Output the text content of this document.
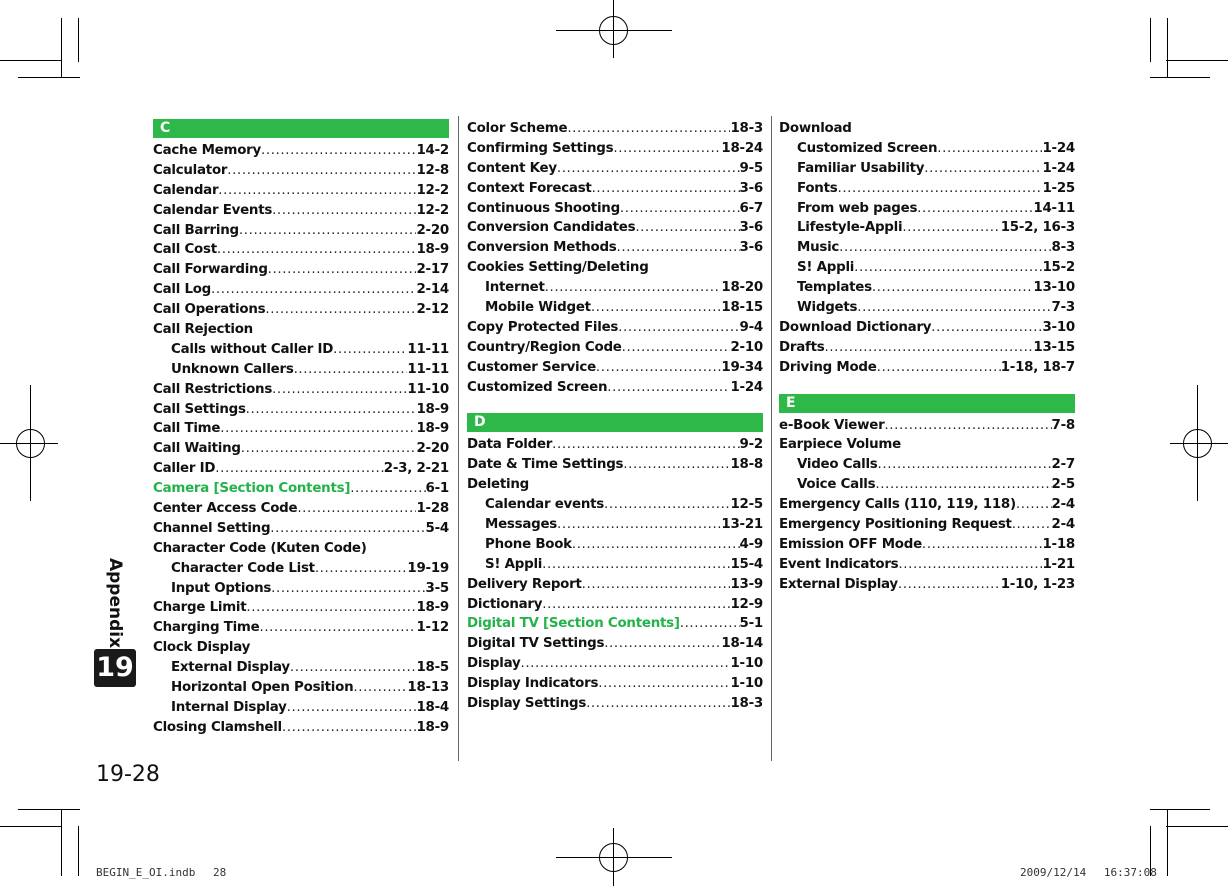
C
Cache Memory .....	14-2
Calculator .....	12-8
Calendar .....	12-2
Calendar Events .....	12-2
Call Barring .....	2-20
Call Cost .....	18-9
Call Forwarding .....	2-17
Call Log .....	2-14
Call Operations .....	2-12
Call Rejection
Calls without Caller ID .....	11-11
Unknown Callers .....	11-11
Call Restrictions .....	11-10
Call Settings .....	18-9
Call Time .....	18-9
Call Waiting .....	2-20
Caller ID .....	2-3, 2-21
Camera [Section Contents] .....	6-1
Center Access Code .....	1-28
Channel Setting .....	5-4
Character Code (Kuten Code)
Character Code List .....	19-19
Input Options .....	3-5
Charge Limit .....	18-9
Charging Time .....	1-12
Clock Display
External Display .....	18-5
Horizontal Open Position .....	18-13
Internal Display .....	18-4
Closing Clamshell .....	18-9
Color Scheme .....	18-3
Confirming Settings .....	18-24
Content Key .....	9-5
Context Forecast .....	3-6
Continuous Shooting .....	6-7
Conversion Candidates .....	3-6
Conversion Methods .....	3-6
Cookies Setting/Deleting
Internet .....	18-20
Mobile Widget .....	18-15
Copy Protected Files .....	9-4
Country/Region Code .....	2-10
Customer Service .....	19-34
Customized Screen .....	1-24
D
Data Folder .....	9-2
Date & Time Settings .....	18-8
Deleting
Calendar events .....	12-5
Messages .....	13-21
Phone Book .....	4-9
S! Appli .....	15-4
Delivery Report .....	13-9
Dictionary .....	12-9
Digital TV [Section Contents] .....	5-1
Digital TV Settings .....	18-14
Display .....	1-10
Display Indicators .....	1-10
Display Settings .....	18-3
Download
Customized Screen .....	1-24
Familiar Usability .....	1-24
Fonts .....	1-25
From web pages .....	14-11
Lifestyle-Appli .....	15-2, 16-3
Music .....	8-3
S! Appli .....	15-2
Templates .....	13-10
Widgets .....	7-3
Download Dictionary .....	3-10
Drafts .....	13-15
Driving Mode .....	1-18, 18-7
E
e-Book Viewer .....	7-8
Earpiece Volume
Video Calls .....	2-7
Voice Calls .....	2-5
Emergency Calls (110, 119, 118) .....	2-4
Emergency Positioning Request .....	2-4
Emission OFF Mode .....	1-18
Event Indicators .....	1-21
External Display .....	1-10, 1-23
Appendix
19
19-28
BEGIN_E_OI.indb　 28	2009/12/14　 16:37:08
